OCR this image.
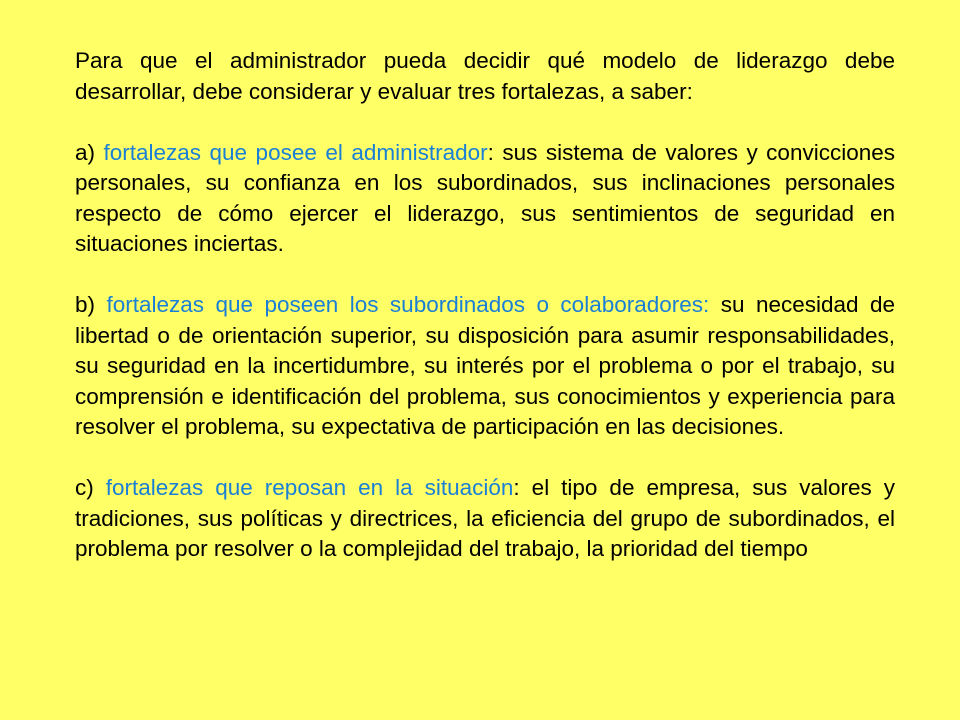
Para que el administrador pueda decidir qué modelo de liderazgo debe desarrollar, debe considerar y evaluar tres fortalezas, a saber:

a) fortalezas que posee el administrador: sus sistema de valores y convicciones personales, su confianza en los subordinados, sus inclinaciones personales respecto de cómo ejercer el liderazgo, sus sentimientos de seguridad en situaciones inciertas.

b) fortalezas que poseen los subordinados o colaboradores: su necesidad de libertad o de orientación superior, su disposición para asumir responsabilidades, su seguridad en la incertidumbre, su interés por el problema o por el trabajo, su comprensión e identificación del problema, sus conocimientos y experiencia para resolver el problema, su expectativa de participación en las decisiones.

c) fortalezas que reposan en la situación: el tipo de empresa, sus valores y tradiciones, sus políticas y directrices, la eficiencia del grupo de subordinados, el problema por resolver o la complejidad del trabajo, la prioridad del tiempo
